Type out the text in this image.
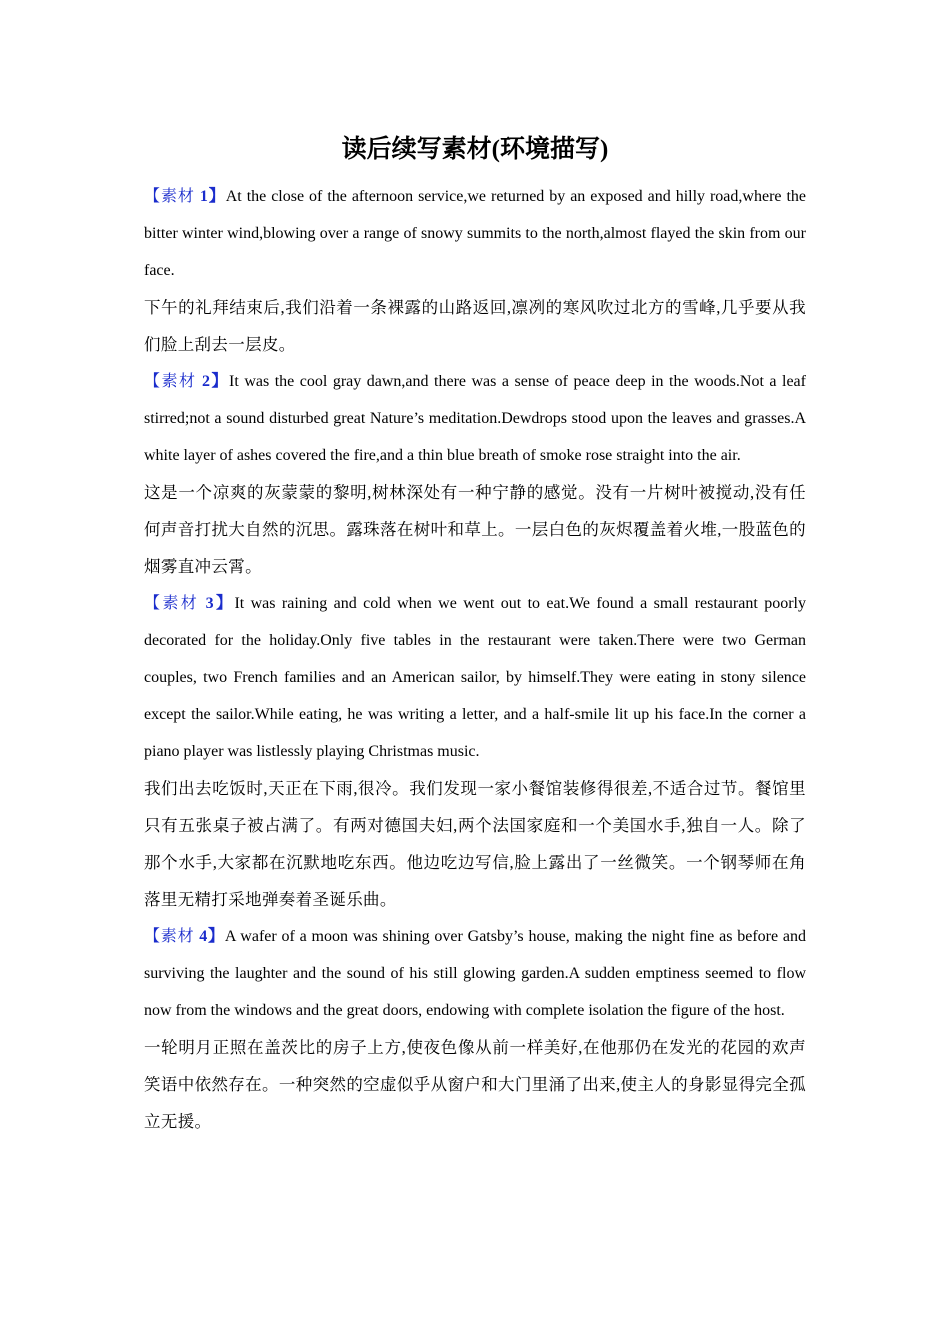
读后续写素材(环境描写)

【素材 1】At the close of the afternoon service,we returned by an exposed and hilly road,where the bitter winter wind,blowing over a range of snowy summits to the north,almost flayed the skin from our face.

下午的礼拜结束后,我们沿着一条裸露的山路返回,凛冽的寒风吹过北方的雪峰,几乎要从我们脸上刮去一层皮。

【素材 2】It was the cool gray dawn,and there was a sense of peace deep in the woods.Not a leaf stirred;not a sound disturbed great Nature’s meditation.Dewdrops stood upon the leaves and grasses.A white layer of ashes covered the fire,and a thin blue breath of smoke rose straight into the air.

这是一个凉爽的灰蒙蒙的黎明,树林深处有一种宁静的感觉。没有一片树叶被搅动,没有任何声音打扰大自然的沉思。露珠落在树叶和草上。一层白色的灰烬覆盖着火堆,一股蓝色的烟雾直冲云霄。

【素材 3】It was raining and cold when we went out to eat.We found a small restaurant poorly decorated for the holiday.Only five tables in the restaurant were taken.There were two German couples, two French families and an American sailor, by himself.They were eating in stony silence except the sailor.While eating, he was writing a letter, and a half-smile lit up his face.In the corner a piano player was listlessly playing Christmas music.

我们出去吃饭时,天正在下雨,很冷。我们发现一家小餐馆装修得很差,不适合过节。餐馆里只有五张桌子被占满了。有两对德国夫妇,两个法国家庭和一个美国水手,独自一人。除了那个水手,大家都在沉默地吃东西。他边吃边写信,脸上露出了一丝微笑。一个钢琴师在角落里无精打采地弹奏着圣诞乐曲。

【素材 4】A wafer of a moon was shining over Gatsby’s house, making the night fine as before and surviving the laughter and the sound of his still glowing garden.A sudden emptiness seemed to flow now from the windows and the great doors, endowing with complete isolation the figure of the host.

一轮明月正照在盖茨比的房子上方,使夜色像从前一样美好,在他那仍在发光的花园的欢声笑语中依然存在。一种突然的空虚似乎从窗户和大门里涌了出来,使主人的身影显得完全孤立无援。
